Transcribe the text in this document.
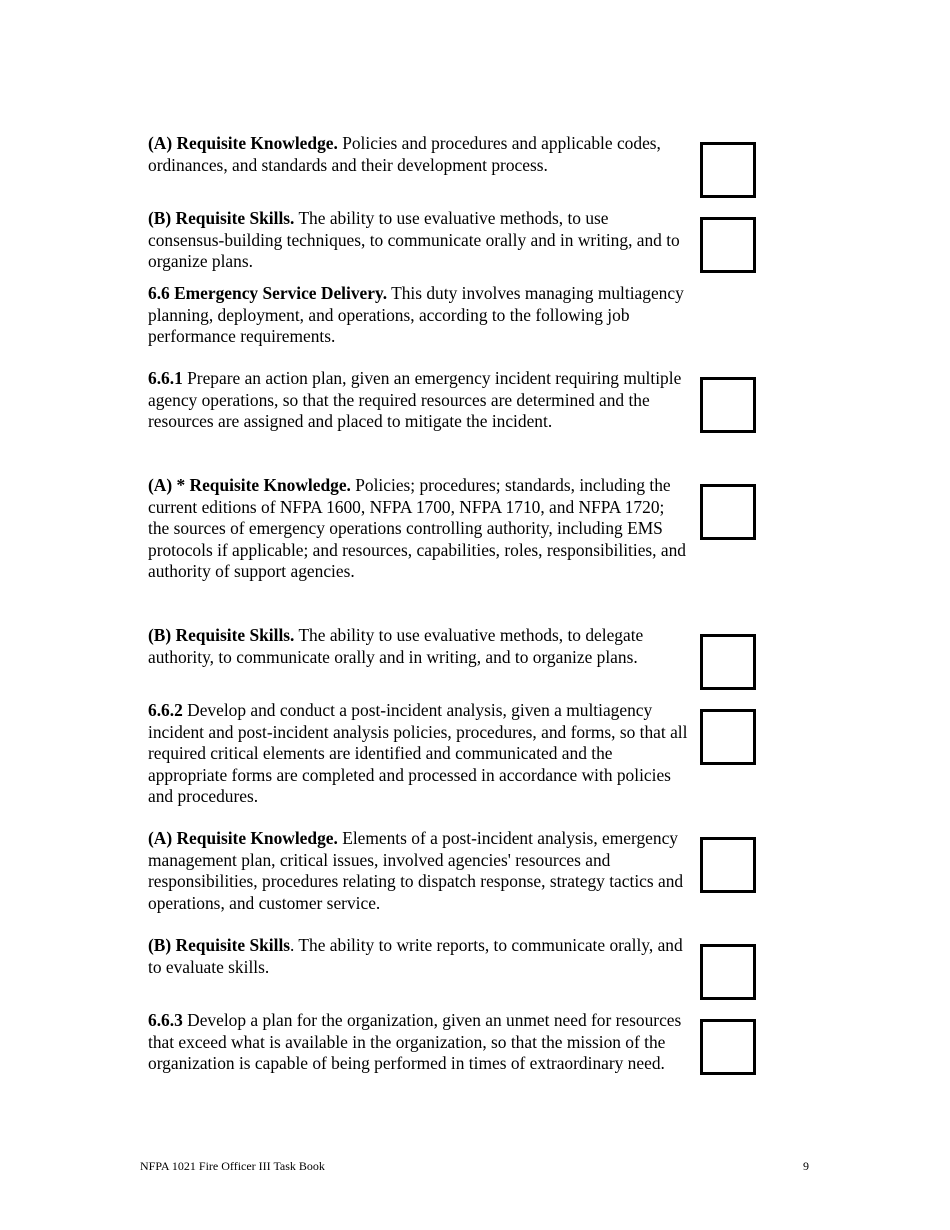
(A) Requisite Knowledge. Policies and procedures and applicable codes, ordinances, and standards and their development process.

(B) Requisite Skills. The ability to use evaluative methods, to use consensus-building techniques, to communicate orally and in writing, and to organize plans.

6.6 Emergency Service Delivery. This duty involves managing multiagency planning, deployment, and operations, according to the following job performance requirements.

6.6.1 Prepare an action plan, given an emergency incident requiring multiple agency operations, so that the required resources are determined and the resources are assigned and placed to mitigate the incident.

(A) * Requisite Knowledge. Policies; procedures; standards, including the current editions of NFPA 1600, NFPA 1700, NFPA 1710, and NFPA 1720; the sources of emergency operations controlling authority, including EMS protocols if applicable; and resources, capabilities, roles, responsibilities, and authority of support agencies.

(B) Requisite Skills. The ability to use evaluative methods, to delegate authority, to communicate orally and in writing, and to organize plans.

6.6.2 Develop and conduct a post-incident analysis, given a multiagency incident and post-incident analysis policies, procedures, and forms, so that all required critical elements are identified and communicated and the appropriate forms are completed and processed in accordance with policies and procedures.

(A) Requisite Knowledge. Elements of a post-incident analysis, emergency management plan, critical issues, involved agencies' resources and responsibilities, procedures relating to dispatch response, strategy tactics and operations, and customer service.

(B) Requisite Skills. The ability to write reports, to communicate orally, and to evaluate skills.

6.6.3 Develop a plan for the organization, given an unmet need for resources that exceed what is available in the organization, so that the mission of the organization is capable of being performed in times of extraordinary need.

NFPA 1021 Fire Officer III Task Book	9
